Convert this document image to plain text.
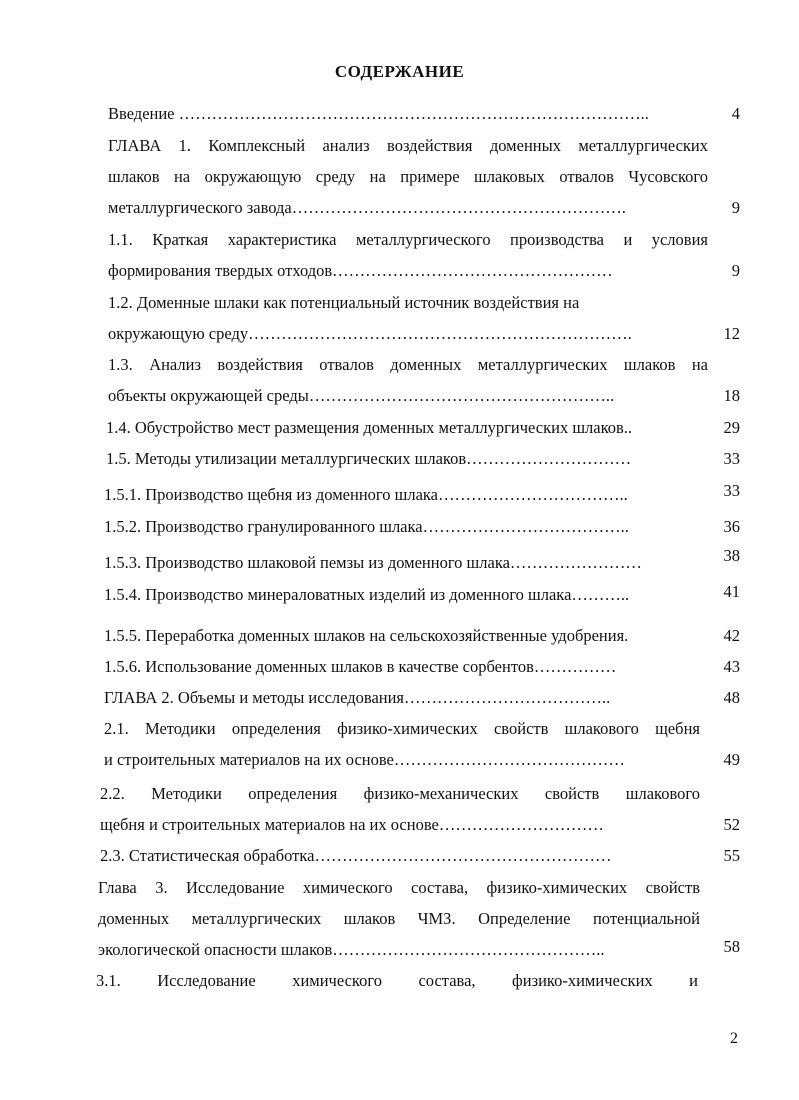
СОДЕРЖАНИЕ
Введение …………………………………………………………………………..	4
ГЛАВА 1. Комплексный анализ воздействия доменных металлургических
шлаков на окружающую среду на примере шлаковых отвалов Чусовского
металлургического завода…………………………………………………….	9
1.1. Краткая характеристика металлургического производства и условия
формирования твердых отходов……………………………………………	9
1.2. Доменные шлаки как потенциальный источник воздействия на
окружающую среду…………………………………………………………….	12
1.3. Анализ воздействия отвалов доменных металлургических шлаков на
объекты окружающей среды………………………………………………..	18
1.4. Обустройство мест размещения доменных металлургических шлаков..	29
1.5. Методы утилизации металлургических шлаков…………………………	33
1.5.1. Производство щебня из доменного шлака……………………………..	33
1.5.2. Производство гранулированного шлака………………………………..	36
1.5.3. Производство шлаковой пемзы из доменного шлака……………………	38
1.5.4. Производство минераловатных изделий из доменного шлака………..	41
1.5.5. Переработка доменных шлаков на сельскохозяйственные удобрения.	42
1.5.6. Использование доменных шлаков в качестве сорбентов……………	43
ГЛАВА 2. Объемы и методы исследования………………………………..	48
2.1. Методики определения физико-химических свойств шлакового щебня
и строительных материалов на их основе……………………………………	49
2.2. Методики определения физико-механических свойств шлакового
щебня и строительных материалов на их основе…………………………	52
2.3. Статистическая обработка………………………………………………	55
Глава 3. Исследование химического состава, физико-химических свойств
доменных металлургических шлаков ЧМЗ. Определение потенциальной
экологической опасности шлаков…………………………………………..	58
3.1. Исследование химического состава, физико-химических и
2
